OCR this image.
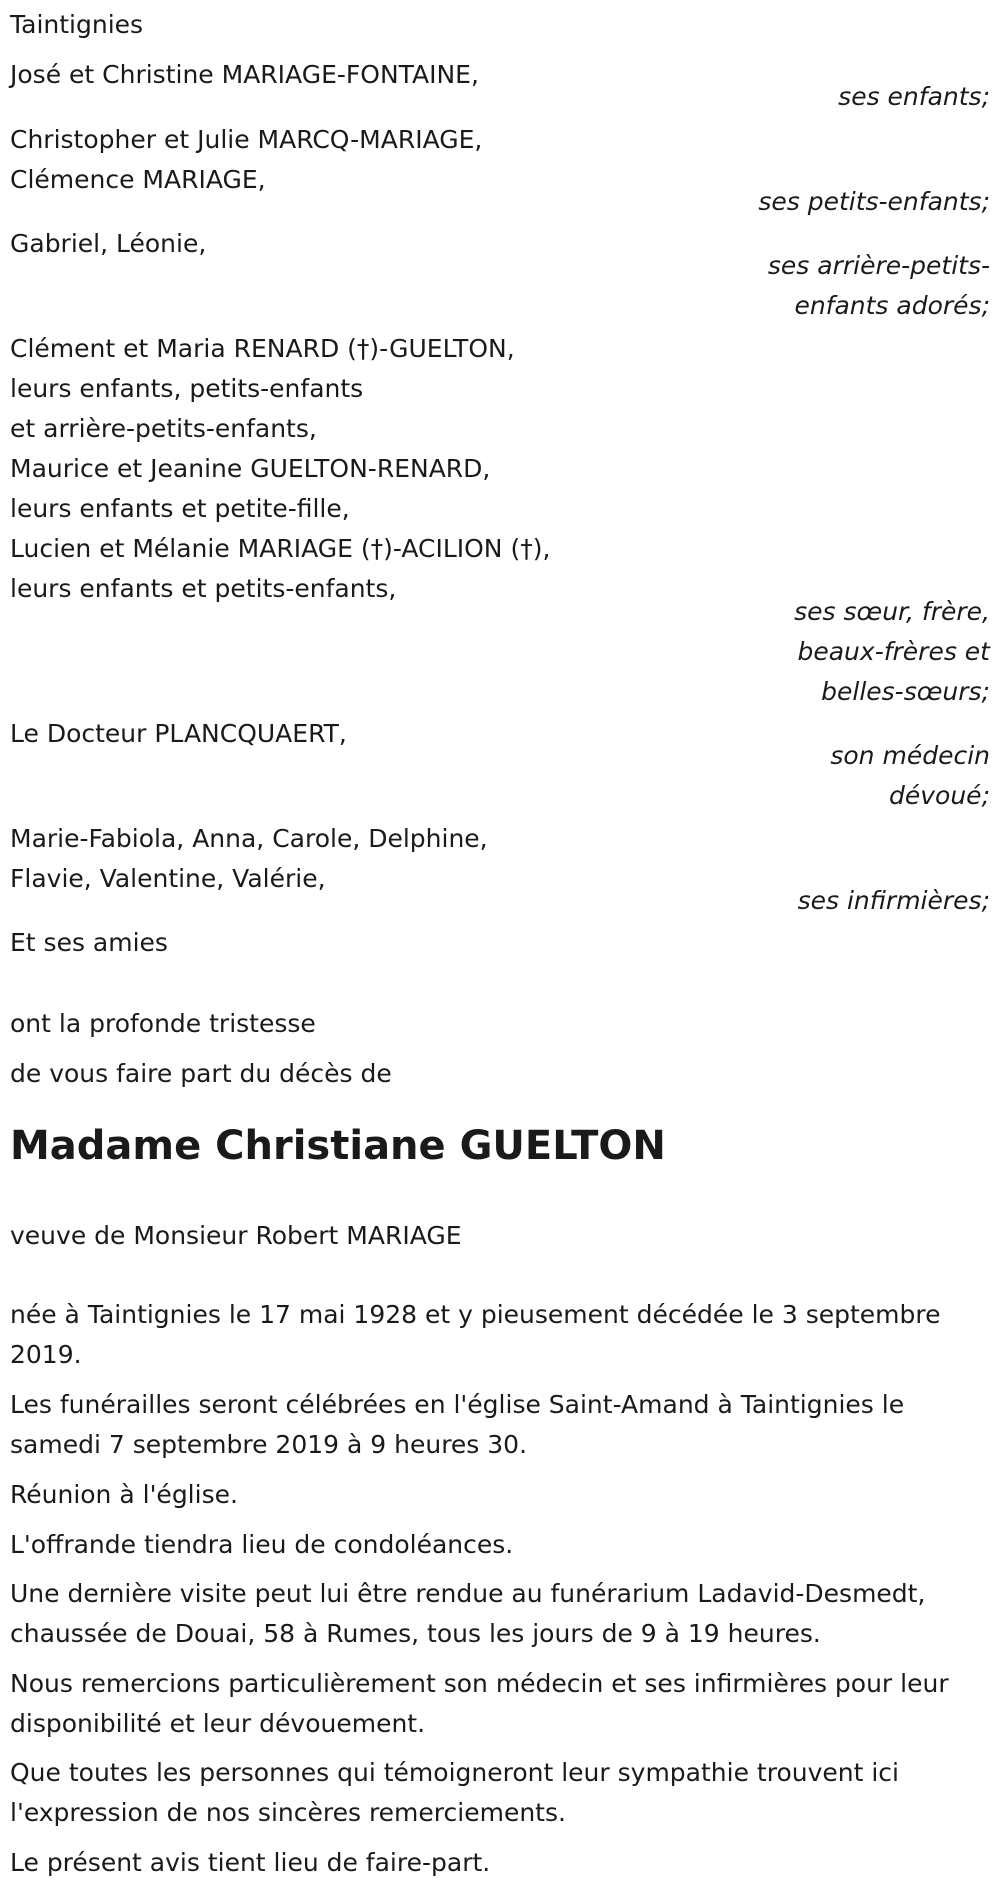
Taintignies
José et Christine MARIAGE-FONTAINE,
ses enfants;
Christopher et Julie MARCQ-MARIAGE,
Clémence MARIAGE,
ses petits-enfants;
Gabriel, Léonie,
ses arrière-petits-
enfants adorés;
Clément et Maria RENARD (†)-GUELTON,
leurs enfants, petits-enfants
et arrière-petits-enfants,
Maurice et Jeanine GUELTON-RENARD,
leurs enfants et petite-fille,
Lucien et Mélanie MARIAGE (†)-ACILION (†),
leurs enfants et petits-enfants,
ses sœur, frère,
beaux-frères et
belles-sœurs;
Le Docteur PLANCQUAERT,
son médecin
dévoué;
Marie-Fabiola, Anna, Carole, Delphine,
Flavie, Valentine, Valérie,
ses infirmières;
Et ses amies
ont la profonde tristesse
de vous faire part du décès de
Madame Christiane GUELTON
veuve de Monsieur Robert MARIAGE
née à Taintignies le 17 mai 1928 et y pieusement décédée le 3 septembre 2019.
Les funérailles seront célébrées en l'église Saint-Amand à Taintignies le samedi 7 septembre 2019 à 9 heures 30.
Réunion à l'église.
L'offrande tiendra lieu de condoléances.
Une dernière visite peut lui être rendue au funérarium Ladavid-Desmedt, chaussée de Douai, 58 à Rumes, tous les jours de 9 à 19 heures.
Nous remercions particulièrement son médecin et ses infirmières pour leur disponibilité et leur dévouement.
Que toutes les personnes qui témoigneront leur sympathie trouvent ici l'expression de nos sincères remerciements.
Le présent avis tient lieu de faire-part.
